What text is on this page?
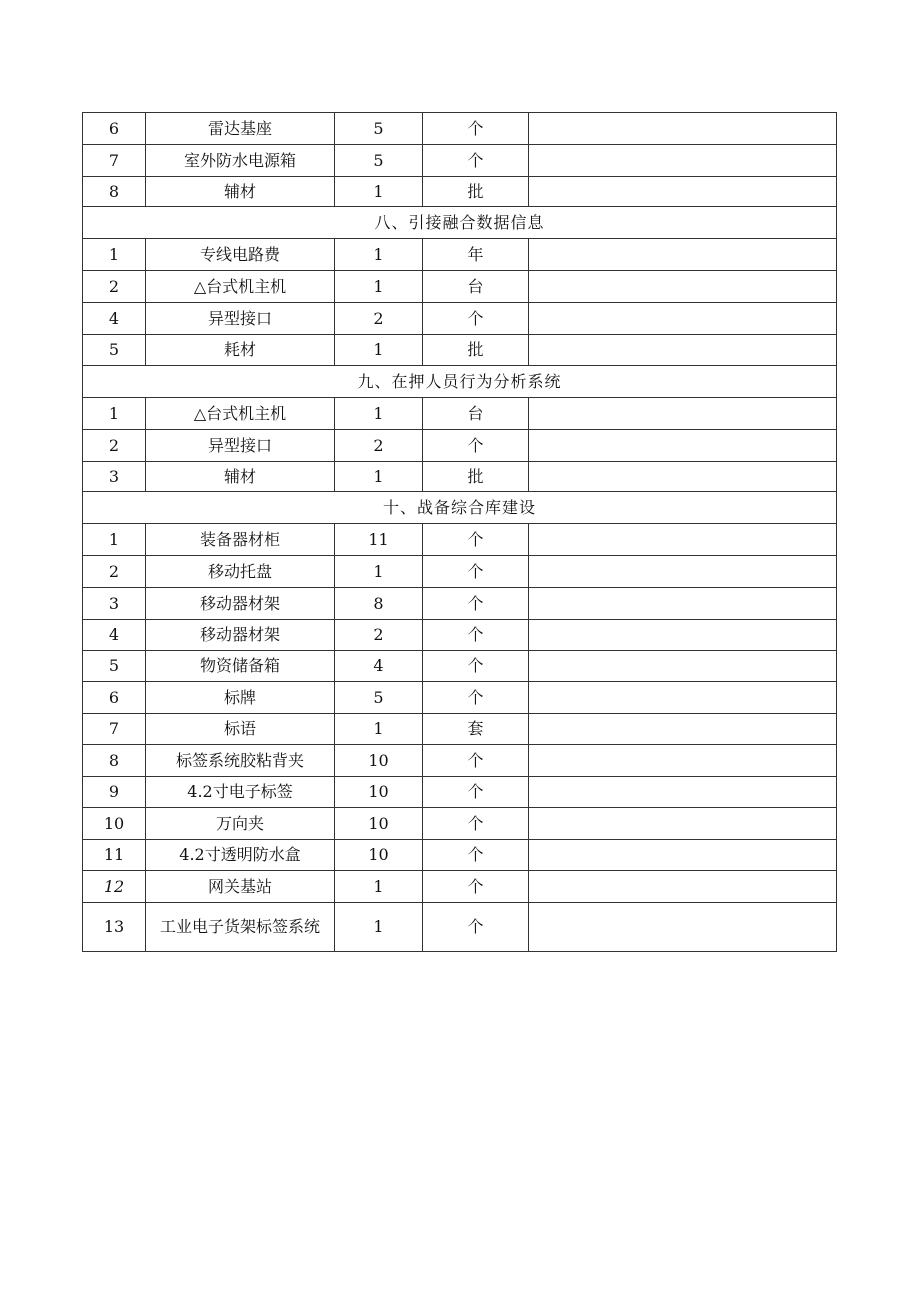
6	雷达基座	5	个	
7	室外防水电源箱	5	个	
8	辅材	1	批	
八、引接融合数据信息				
1	专线电路费	1	年	
2	△台式机主机	1	台	
4	异型接口	2	个	
5	耗材	1	批	
九、在押人员行为分析系统				
1	△台式机主机	1	台	
2	异型接口	2	个	
3	辅材	1	批	
十、战备综合库建设				
1	装备器材柜	11	个	
2	移动托盘	1	个	
3	移动器材架	8	个	
4	移动器材架	2	个	
5	物资储备箱	4	个	
6	标牌	5	个	
7	标语	1	套	
8	标签系统胶粘背夹	10	个	
9	4.2寸电子标签	10	个	
10	万向夹	10	个	
11	4.2寸透明防水盒	10	个	
12	网关基站	1	个	
13	工业电子货架标签系统	1	个	
